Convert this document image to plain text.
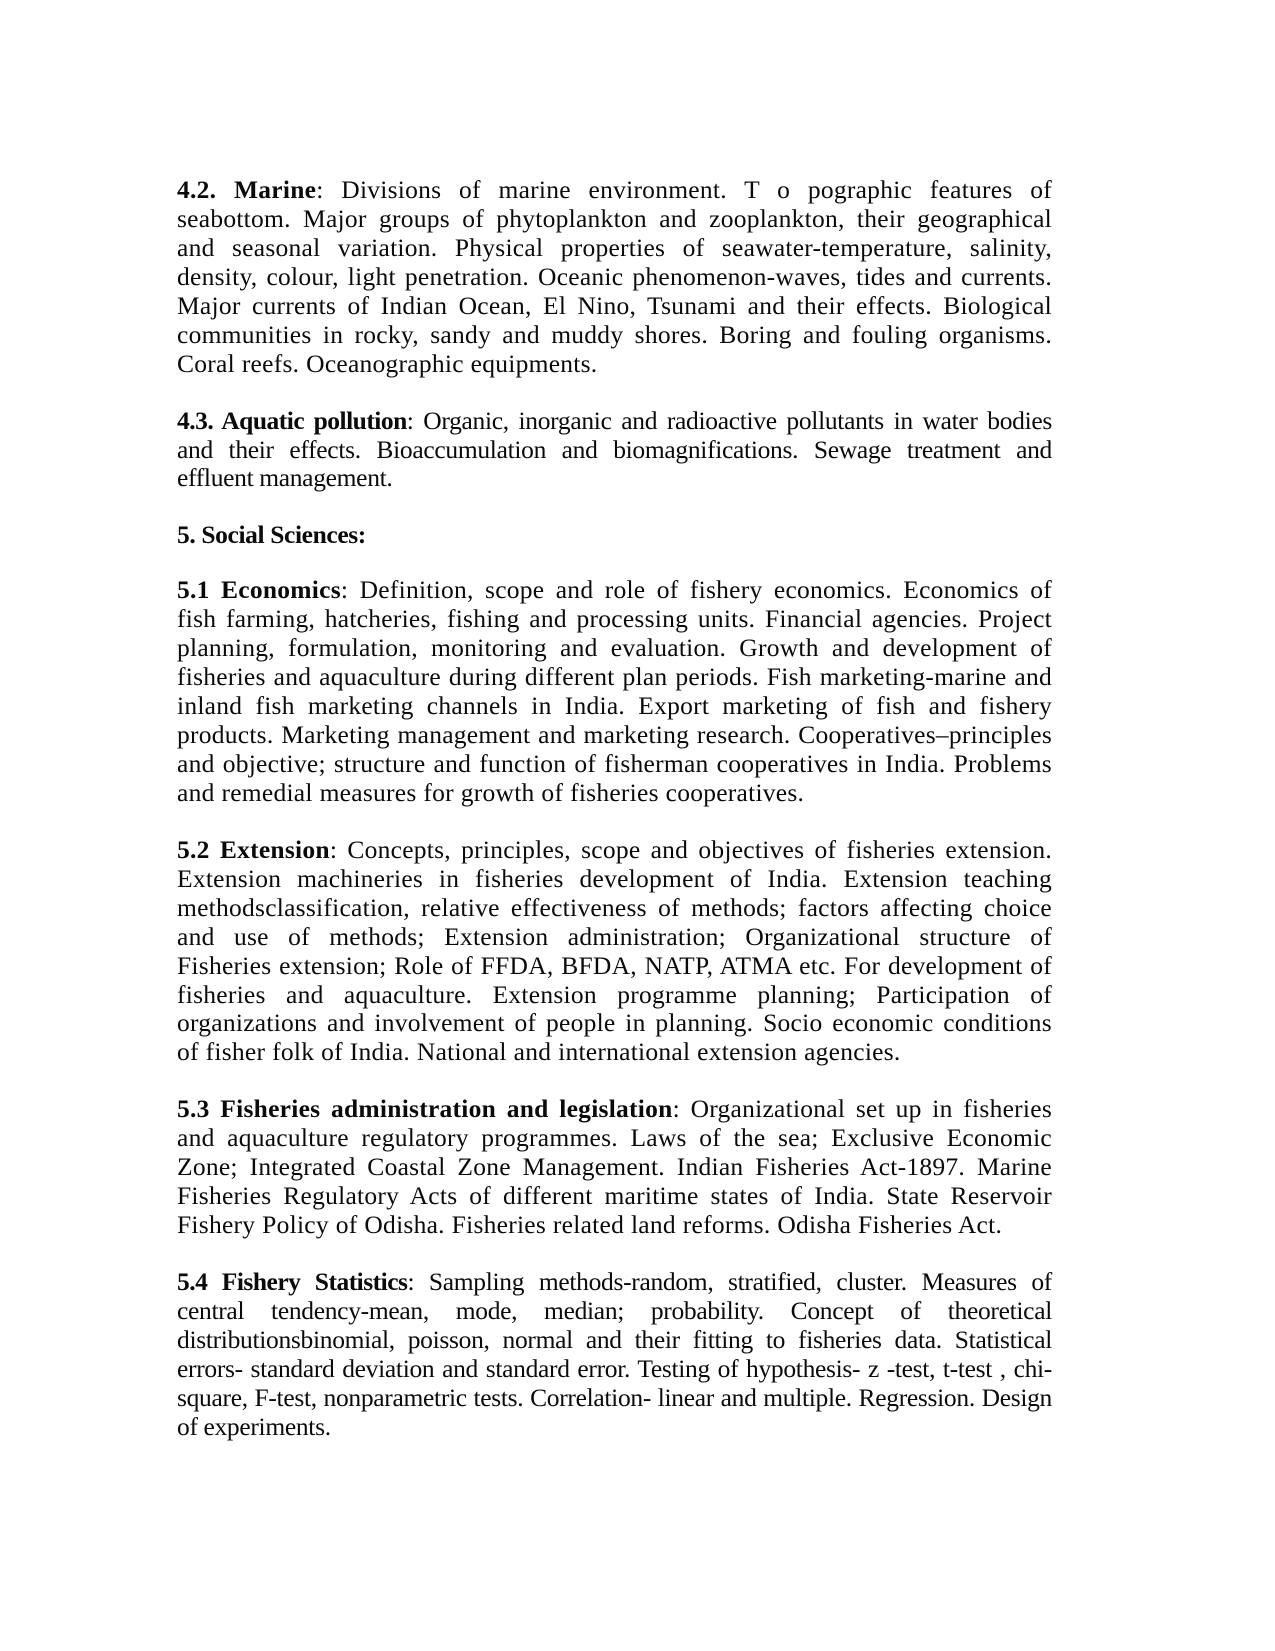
4.2. Marine: Divisions of marine environment. T o pographic features of seabottom. Major groups of phytoplankton and zooplankton, their geographical and seasonal variation. Physical properties of seawater-temperature, salinity, density, colour, light penetration. Oceanic phenomenon-waves, tides and currents. Major currents of Indian Ocean, El Nino, Tsunami and their effects. Biological communities in rocky, sandy and muddy shores. Boring and fouling organisms. Coral reefs. Oceanographic equipments.

4.3. Aquatic pollution: Organic, inorganic and radioactive pollutants in water bodies and their effects. Bioaccumulation and biomagnifications. Sewage treatment and effluent management.

5. Social Sciences:

5.1 Economics: Definition, scope and role of fishery economics. Economics of fish farming, hatcheries, fishing and processing units. Financial agencies. Project planning, formulation, monitoring and evaluation. Growth and development of fisheries and aquaculture during different plan periods. Fish marketing-marine and inland fish marketing channels in India. Export marketing of fish and fishery products. Marketing management and marketing research. Cooperatives–principles and objective; structure and function of fisherman cooperatives in India. Problems and remedial measures for growth of fisheries cooperatives.

5.2 Extension: Concepts, principles, scope and objectives of fisheries extension. Extension machineries in fisheries development of India. Extension teaching methodsclassification, relative effectiveness of methods; factors affecting choice and use of methods; Extension administration; Organizational structure of Fisheries extension; Role of FFDA, BFDA, NATP, ATMA etc. For development of fisheries and aquaculture. Extension programme planning; Participation of organizations and involvement of people in planning. Socio economic conditions of fisher folk of India. National and international extension agencies.

5.3 Fisheries administration and legislation: Organizational set up in fisheries and aquaculture regulatory programmes. Laws of the sea; Exclusive Economic Zone; Integrated Coastal Zone Management. Indian Fisheries Act-1897. Marine Fisheries Regulatory Acts of different maritime states of India. State Reservoir Fishery Policy of Odisha. Fisheries related land reforms. Odisha Fisheries Act.

5.4 Fishery Statistics: Sampling methods-random, stratified, cluster. Measures of central tendency-mean, mode, median; probability. Concept of theoretical distributionsbinomial, poisson, normal and their fitting to fisheries data. Statistical errors- standard deviation and standard error. Testing of hypothesis- z -test, t-test , chi-square, F-test, nonparametric tests. Correlation- linear and multiple. Regression. Design of experiments.
